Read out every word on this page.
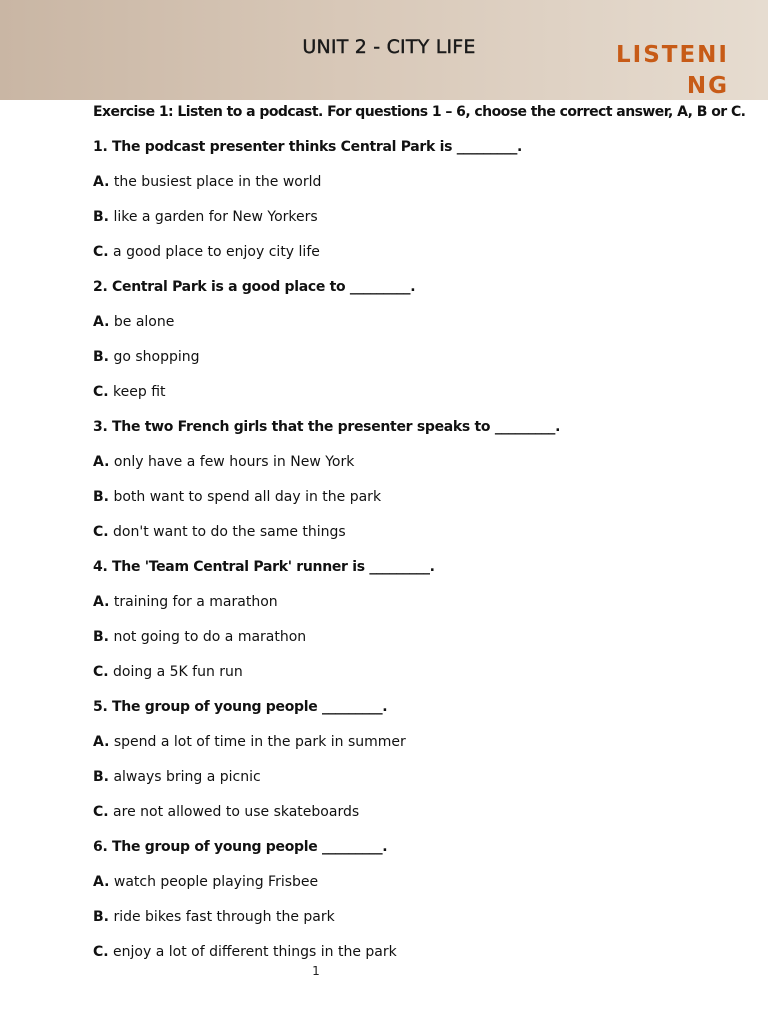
UNIT 2 - CITY LIFE	LISTENING
Exercise 1: Listen to a podcast. For questions 1 – 6, choose the correct answer, A, B or C.
1. The podcast presenter thinks Central Park is _________.
A. the busiest place in the world
B. like a garden for New Yorkers
C. a good place to enjoy city life
2. Central Park is a good place to _________.
A. be alone
B. go shopping
C. keep fit
3. The two French girls that the presenter speaks to _________.
A. only have a few hours in New York
B. both want to spend all day in the park
C. don't want to do the same things
4. The 'Team Central Park' runner is _________.
A. training for a marathon
B. not going to do a marathon
C. doing a 5K fun run
5. The group of young people _________.
A. spend a lot of time in the park in summer
B. always bring a picnic
C. are not allowed to use skateboards
6. The group of young people _________.
A. watch people playing Frisbee
B. ride bikes fast through the park
C. enjoy a lot of different things in the park
1
